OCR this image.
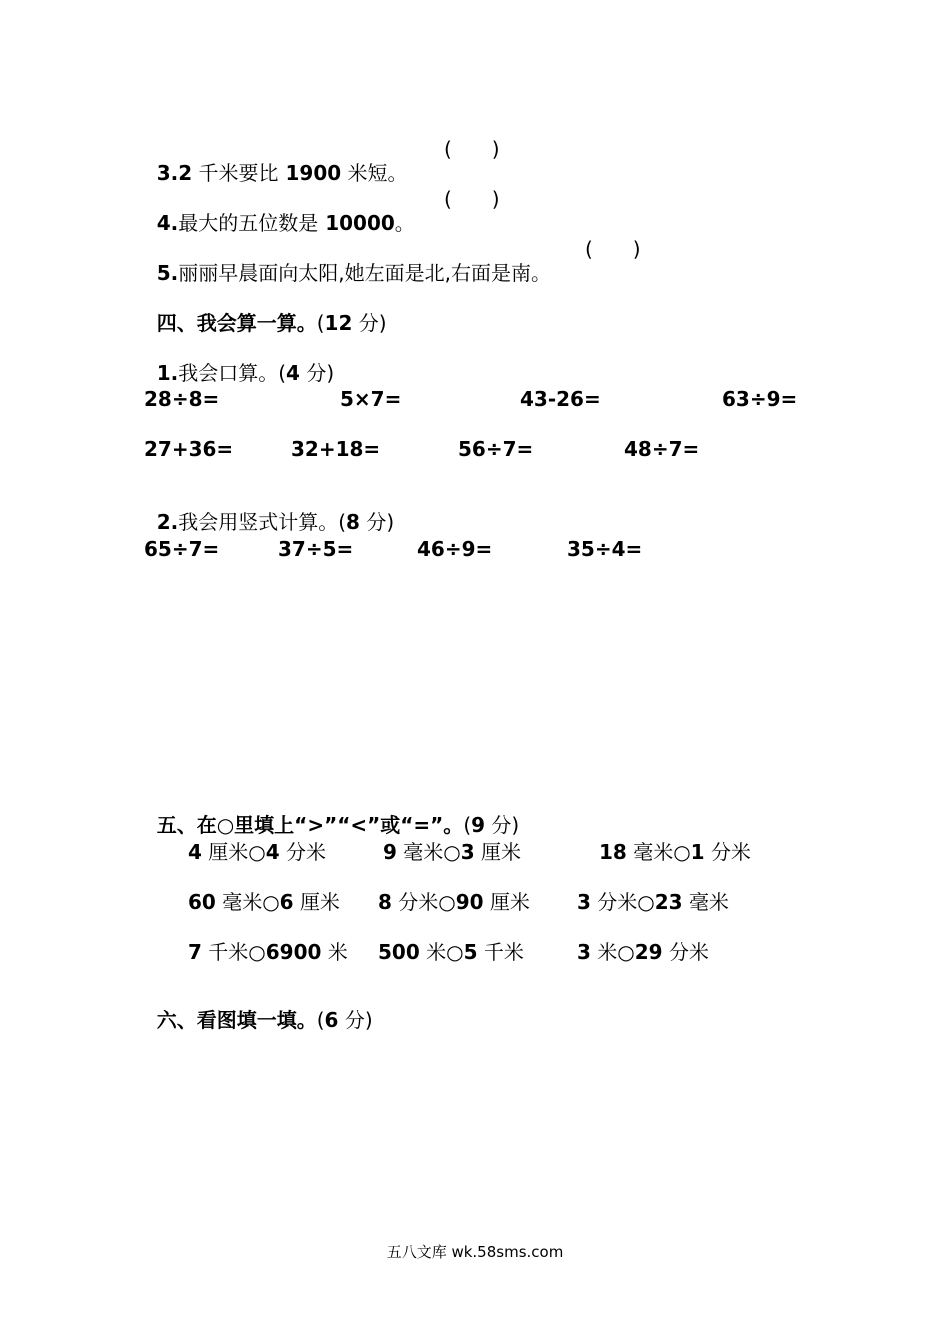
3.2 千米要比 1900 米短。

(　　)

4.最大的五位数是 10000。

(　　)

5.丽丽早晨面向太阳,她左面是北,右面是南。

(　　)

四、我会算一算。(12 分)

1.我会口算。(4 分)

28÷8=	5×7=	43-26=	63÷9=
27+36=	32+18=	56÷7=	48÷7=

2.我会用竖式计算。(8 分)

65÷7=	37÷5=	46÷9=	35÷4=

五、在○里填上“>”“<”或“=”。(9 分)

4 厘米○4 分米	9 毫米○3 厘米	18 毫米○1 分米
60 毫米○6 厘米 8 分米○90 厘米 3 分米○23 毫米
7 千米○6900 米 500 米○5 千米	3 米○29 分米

六、看图填一填。(6 分)

五八文库 wk.58sms.com
